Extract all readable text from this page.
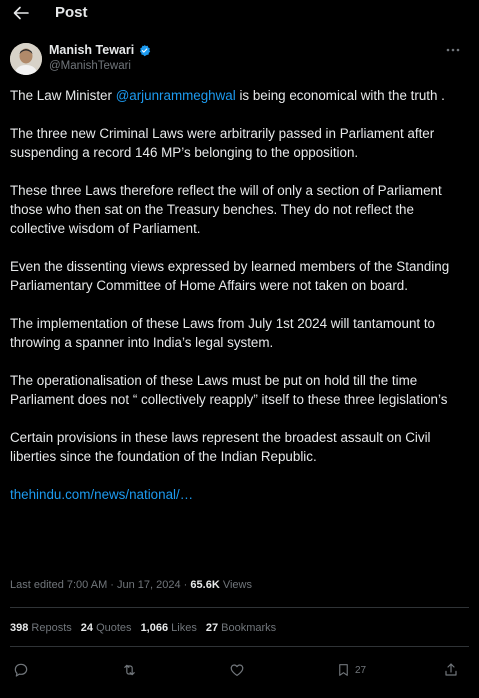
Post
Manish Tewari
@ManishTewari

The Law Minister @arjunrammeghwal is being economical with the truth .

The three new Criminal Laws were arbitrarily passed in Parliament after suspending a record 146 MP’s belonging to the opposition.

These three Laws therefore reflect the will of only a section of Parliament those who then sat on the Treasury benches. They do not reflect the collective wisdom of Parliament.

Even the dissenting views expressed by learned members of the Standing Parliamentary Committee of Home Affairs were not taken on board.

The implementation of these Laws from July 1st 2024 will tantamount to throwing a spanner into India’s legal system.

The operationalisation of these Laws must be put on hold till the time Parliament does not “ collectively reapply” itself to these three legislation’s

Certain provisions in these laws represent the broadest assault on Civil liberties since the foundation of the Indian Republic.

thehindu.com/news/national/…

Last edited 7:00 AM · Jun 17, 2024 · 65.6K Views
398 Reposts 24 Quotes 1,066 Likes 27 Bookmarks
27
